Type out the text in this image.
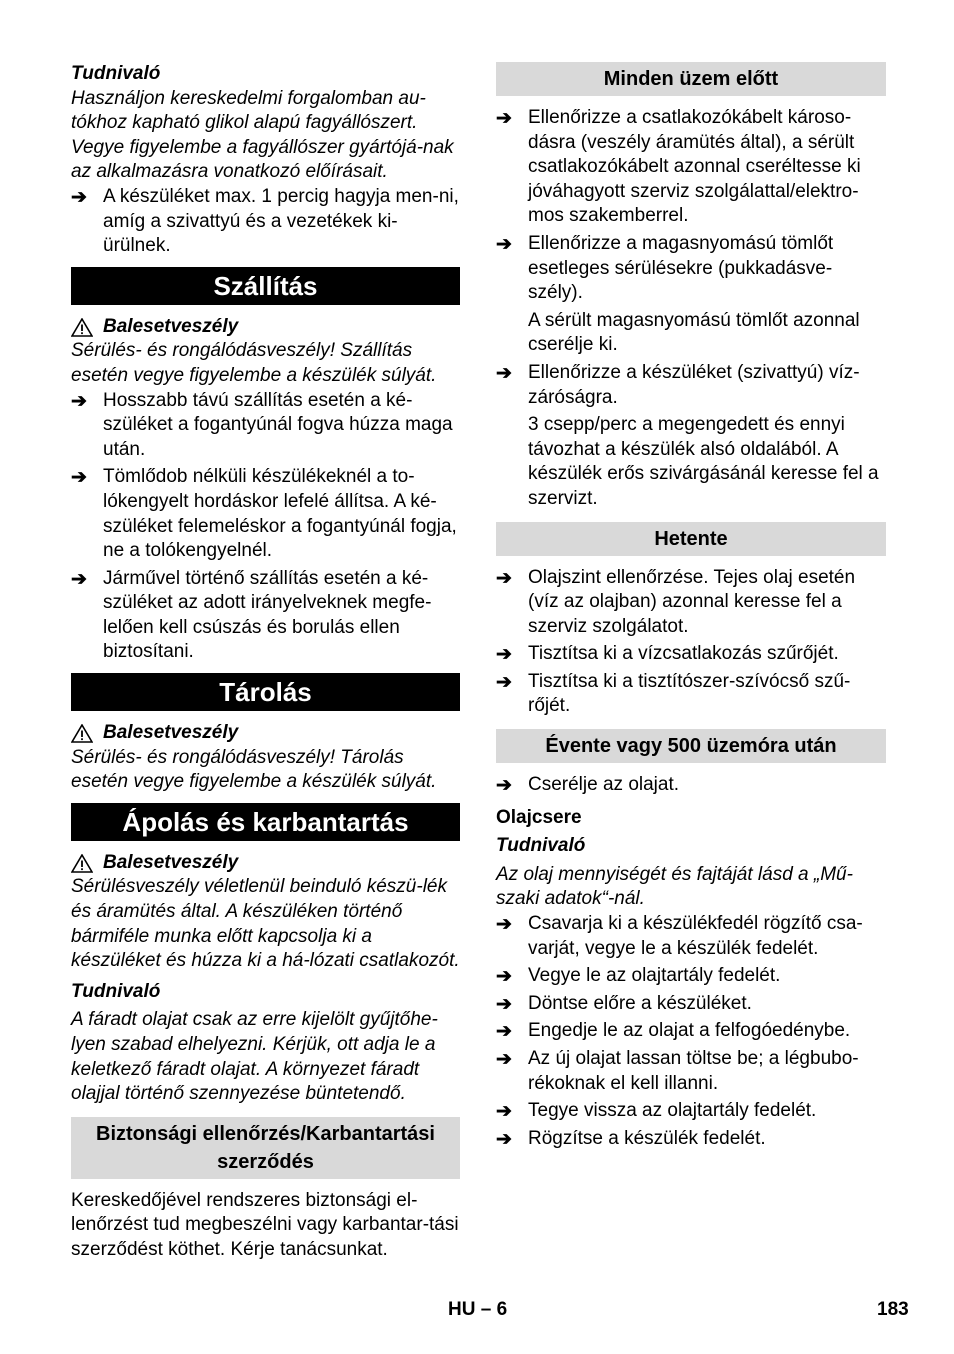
Tudnivaló

Használjon kereskedelmi forgalomban au-tókhoz kapható glikol alapú fagyállószert. Vegye figyelembe a fagyállószer gyártójá-nak az alkalmazásra vonatkozó előírásait.

➔ A készüléket max. 1 percig hagyja men-ni, amíg a szivattyú és a vezetékek ki-ürülnek.
Szállítás

Balesetveszély

Sérülés- és rongálódásveszély! Szállítás esetén vegye figyelembe a készülék súlyát.

➔ Hosszabb távú szállítás esetén a ké-szüléket a fogantyúnál fogva húzza maga után.
➔ Tömlődob nélküli készülékeknél a to-lókengyelt hordáskor lefelé állítsa. A ké-szüléket felemeléskor a fogantyúnál fogja, ne a tolókengyelnél.
➔ Járművel történő szállítás esetén a ké-szüléket az adott irányelveknek megfe-lelően kell csúszás és borulás ellen biztosítani.
Tárolás

Balesetveszély

Sérülés- és rongálódásveszély! Tárolás esetén vegye figyelembe a készülék súlyát.

Ápolás és karbantartás

Balesetveszély

Sérülésveszély véletlenül beinduló készü-lék és áramütés által. A készüléken történő bármiféle munka előtt kapcsolja ki a készüléket és húzza ki a há-lózati csatlakozót.

Tudnivaló

A fáradt olajat csak az erre kijelölt gyűjtőhe-lyen szabad elhelyezni. Kérjük, ott adja le a keletkező fáradt olajat. A környezet fáradt olajjal történő szennyezése büntetendő.

Biztonsági ellenőrzés/Karbantartási szerződés

Kereskedőjével rendszeres biztonsági el-lenőrzést tud megbeszélni vagy karbantar-tási szerződést köthet. Kérje tanácsunkat.

Minden üzem előtt
➔ Ellenőrizze a csatlakozókábelt károso-dásra (veszély áramütés által), a sérült csatlakozókábelt azonnal cseréltesse ki jóváhagyott szerviz szolgálattal/elektro-mos szakemberrel.
➔ Ellenőrizze a magasnyomású tömlőt esetleges sérülésekre (pukkadásve-szély).

A sérült magasnyomású tömlőt azonnal cserélje ki.

➔ Ellenőrizze a készüléket (szivattyú) víz-záróságra.

3 csepp/perc a megengedett és ennyi távozhat a készülék alsó oldalából. A készülék erős szivárgásánál keresse fel a szervizt.

Hetente
➔ Olajszint ellenőrzése. Tejes olaj esetén (víz az olajban) azonnal keresse fel a szerviz szolgálatot.
➔ Tisztítsa ki a vízcsatlakozás szűrőjét.
➔ Tisztítsa ki a tisztítószer-szívócső szű-rőjét.
Évente vagy 500 üzemóra után
➔ Cserélje az olajat.

Olajcsere

Tudnivaló

Az olaj mennyiségét és fajtáját lásd a „Mű-szaki adatok“-nál.

➔ Csavarja ki a készülékfedél rögzítő csa-varját, vegye le a készülék fedelét.
➔ Vegye le az olajtartály fedelét.
➔ Döntse előre a készüléket.
➔ Engedje le az olajat a felfogóedénybe.
➔ Az új olajat lassan töltse be; a légbubo-rékoknak el kell illanni.
➔ Tegye vissza az olajtartály fedelét.
➔ Rögzítse a készülék fedelét.
HU – 6	183
